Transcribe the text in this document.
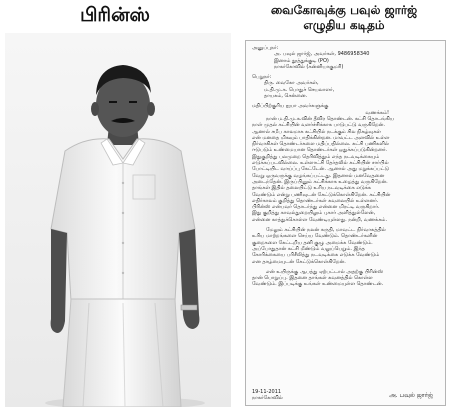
பிரின்ஸ்	வைகோவுக்கு பவுல் ஜார்ஜ்
எழுதிய கடிதம்
அனுப்புநர்:
அ. பவுல் ஜார்ஜ், அவர்கள், 9486958340
இனாம் தூத்துக்குடி (PO)
நாகர்கோவில் (கன்னியாகுமரி)
பெறுநர்:
திரு. வைகோ அவர்கள்,
ம.தி.மு.க. பொதுச் செயலாளர்,
தாயகம், சென்னை.
மதிப்பிற்குரிய ஐயா அவர்களுக்கு
வணக்கம்!
நான் ம.தி.மு.க.வின் தீவிர தொண்டன். கட்சி தொடங்கிய
நாள் முதல் கட்சியின் வளர்ச்சிக்காக பாடுபட்டு வருகிறேன்.
ஆனால் சமீப காலமாக கட்சியில் நடக்கும் சில நிகழ்வுகள்
என் மனதை மிகவும் பாதிக்கின்றன. மாவட்ட அளவில் உள்ள
நிர்வாகிகள் தொண்டர்களை மதிப்பதில்லை. கட்சி பணிகளில்
ஈடுபடும் உண்மையான தொண்டர்கள் ஒதுக்கப்படுகின்றனர்.
இதுகுறித்து பலமுறை தெரிவித்தும் எந்த நடவடிக்கையும்
எடுக்கப்படவில்லை. உள்ளாட்சி தேர்தலில் கட்சியின் சார்பில்
போட்டியிட வாய்ப்பு கேட்டேன். ஆனால் அது மறுக்கப்பட்டு
வேறு ஒருவருக்கு வழங்கப்பட்டது. இதனால் மனவேதனை
அடைந்தேன். இருப்பினும் கட்சிக்காக உழைத்து வருகிறேன்.
தாங்கள் இதில் தலையிட்டு உரிய நடவடிக்கை எடுக்க
வேண்டும் என்று பணிவுடன் கேட்டுக்கொள்கிறேன். கட்சியின்
எதிர்காலம் குறித்து தொண்டர்கள் கவலையில் உள்ளனர்.
பிரின்ஸ் என்பவர் தொடர்ந்து என்னை மிரட்டி வருகிறார்.
இது குறித்து காவல்துறையிலும் புகார் அளித்துள்ளேன்,
என்னை காத்துக்கொள்ள வேண்டியுள்ளது. நன்றி, வணக்கம்.
மேலும் கட்சியின் நலன் கருதி, மாவட்ட நிர்வாகத்தில்
உரிய மாற்றங்களை செய்ய வேண்டும். தொண்டர்களின்
குறைகளை கேட்டறிய தனி குழு அமைக்க வேண்டும்.
அப்போதுதான் கட்சி மீண்டும் வலுப்பெறும். இந்த
கோரிக்கையை பரிசீலித்து நடவடிக்கை எடுக்க வேண்டும்
என தாழ்மையுடன் கேட்டுக்கொள்கிறேன்.
என் உயிருக்கு ஆபத்து ஏற்பட்டால் அதற்கு பிரின்ஸ்
தான் பொறுப்பு. இதனை தாங்கள் கவனத்தில் கொள்ள
வேண்டும். இப்படிக்கு உங்கள் உண்மையுள்ள தொண்டன்.
19-11-2011
நாகர்கோவில்	அ. பவுல் ஜார்ஜ்
